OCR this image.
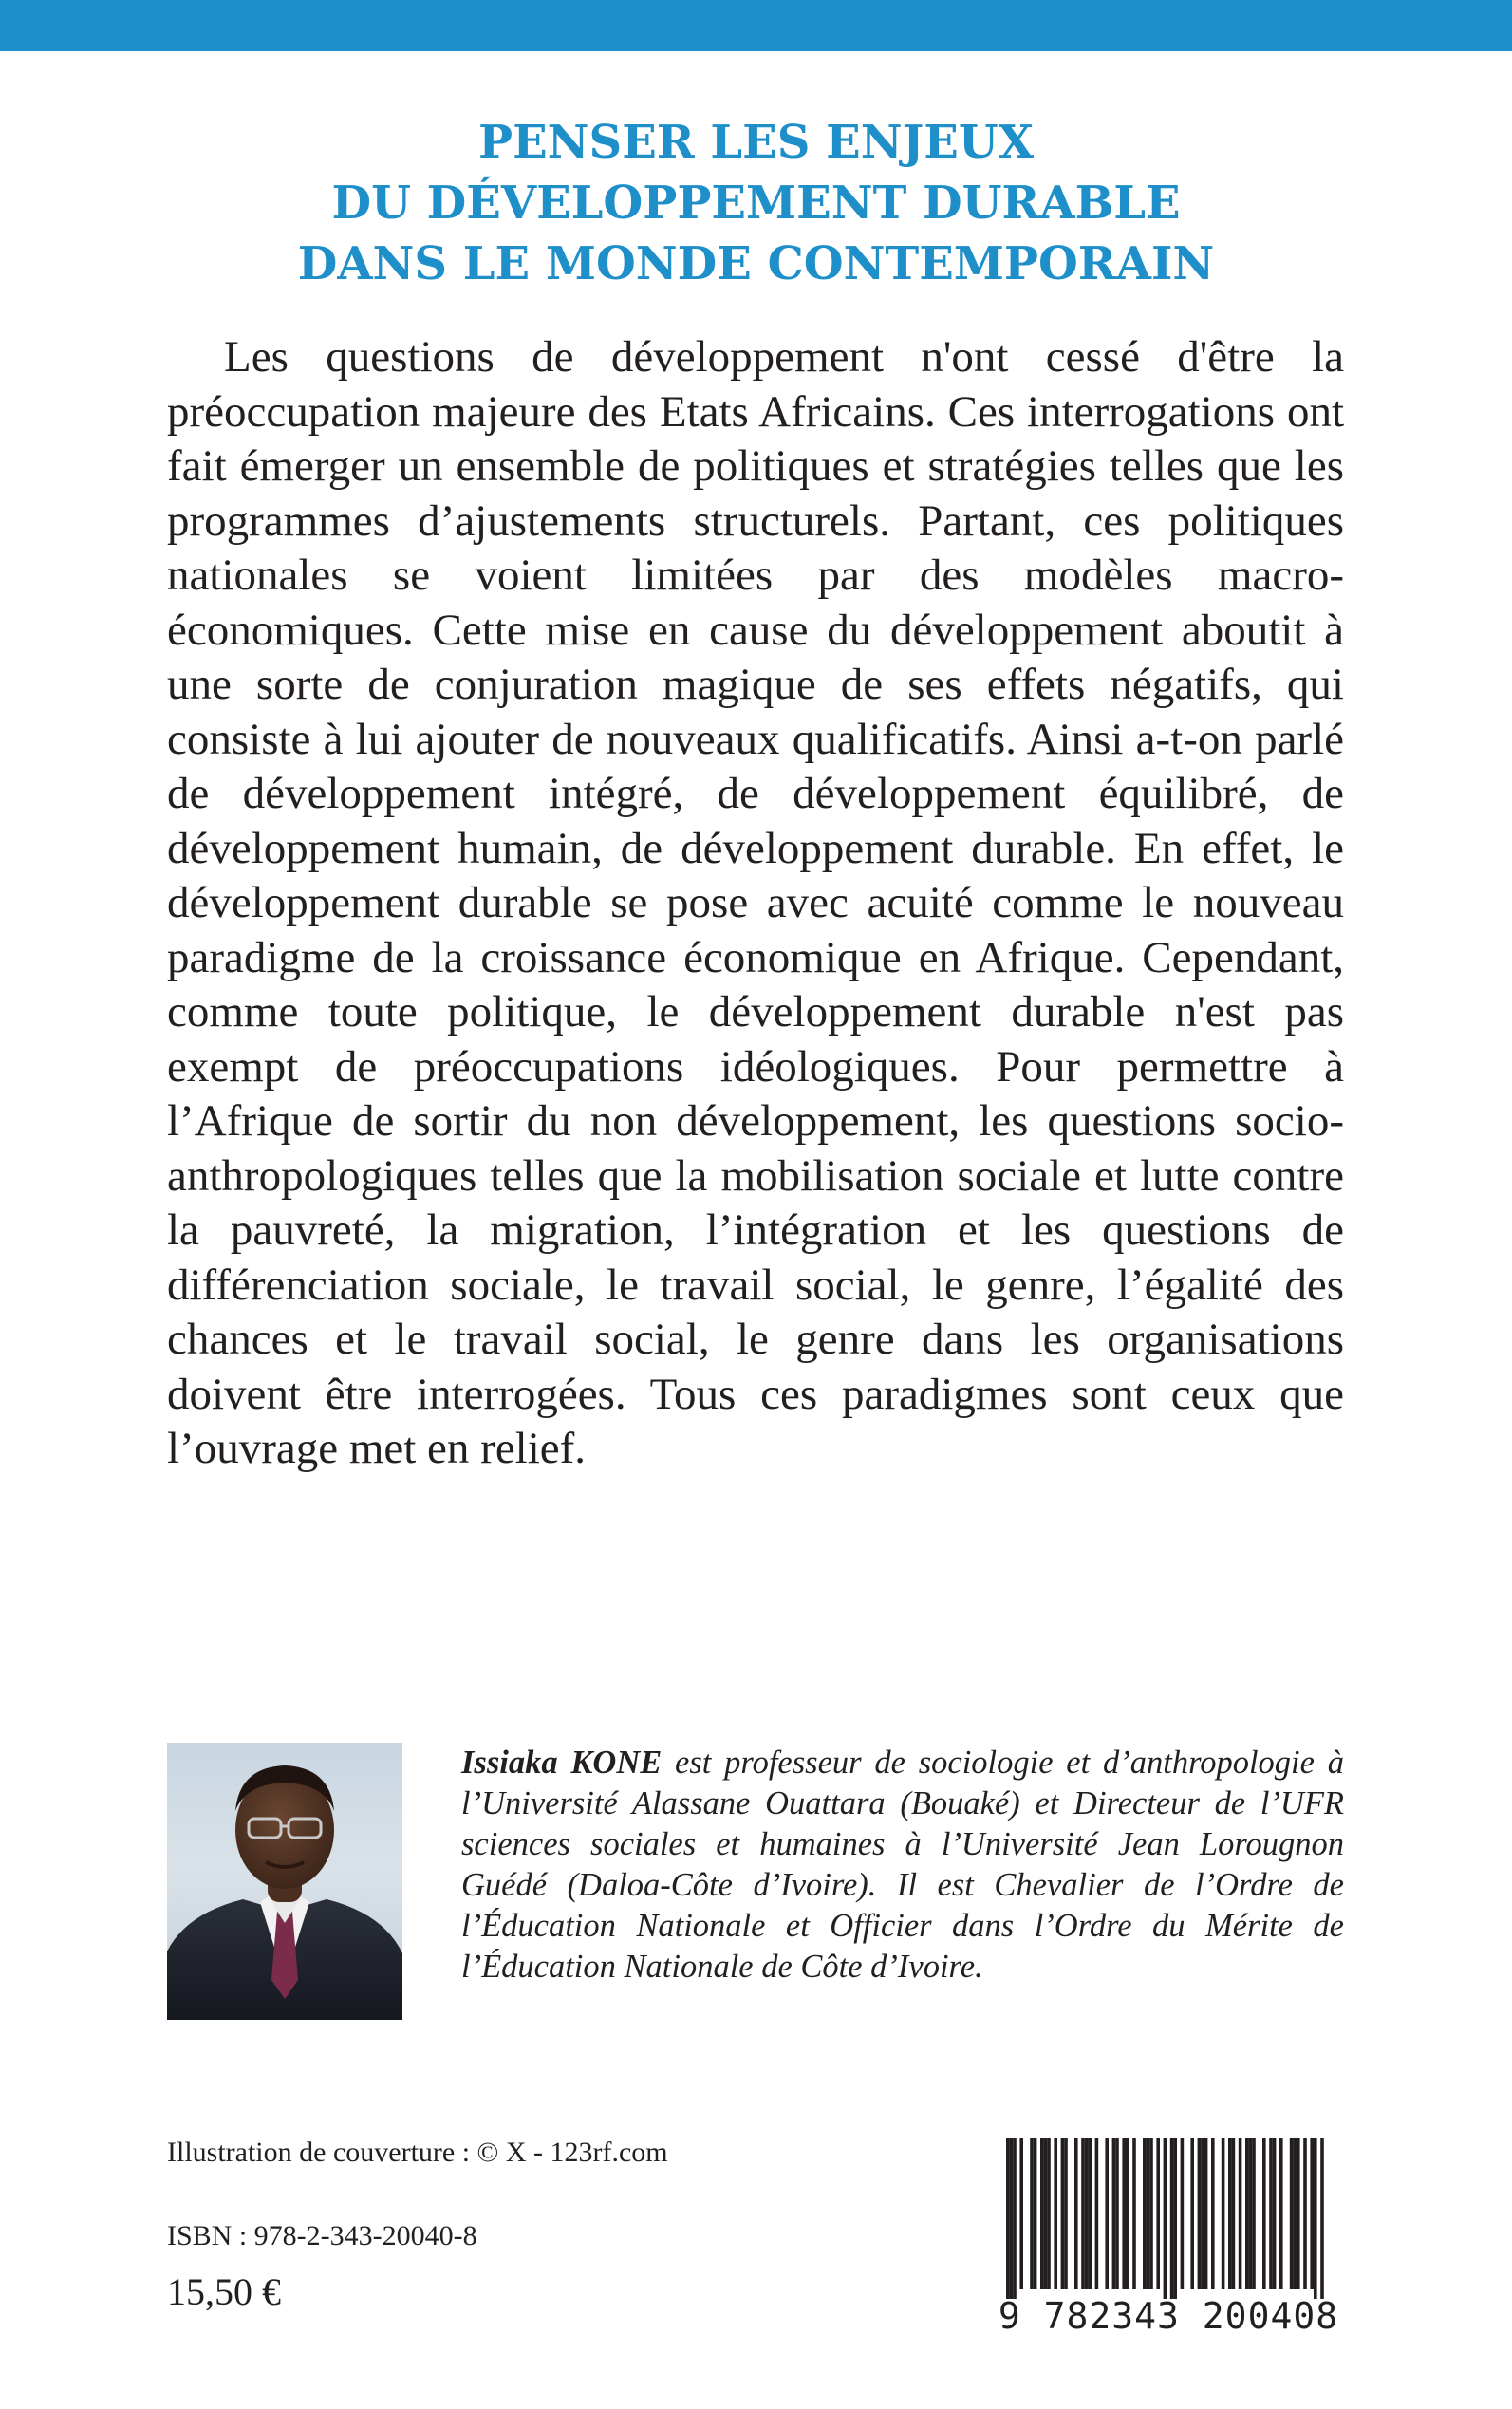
PENSER LES ENJEUX
DU DÉVELOPPEMENT DURABLE
DANS LE MONDE CONTEMPORAIN

Les questions de développement n'ont cessé d'être la préoccupation majeure des Etats Africains. Ces interrogations ont fait émerger un ensemble de politiques et stratégies telles que les programmes d’ajustements structurels. Partant, ces politiques nationales se voient limitées par des modèles macro-économiques. Cette mise en cause du développement aboutit à une sorte de conjuration magique de ses effets négatifs, qui consiste à lui ajouter de nouveaux qualificatifs. Ainsi a-t-on parlé de développement intégré, de développement équilibré, de développement humain, de développement durable. En effet, le développement durable se pose avec acuité comme le nouveau paradigme de la croissance économique en Afrique. Cependant, comme toute politique, le développement durable n'est pas exempt de préoccupations idéologiques. Pour permettre à l’Afrique de sortir du non développement, les questions socio-anthropologiques telles que la mobilisation sociale et lutte contre la pauvreté, la migration, l’intégration et les questions de différenciation sociale, le travail social, le genre, l’égalité des chances et le travail social, le genre dans les organisations doivent être interrogées. Tous ces paradigmes sont ceux que l’ouvrage met en relief.

Issiaka KONE est professeur de sociologie et d’anthropologie à l’Université Alassane Ouattara (Bouaké) et Directeur de l’UFR sciences sociales et humaines à l’Université Jean Lorougnon Guédé (Daloa-Côte d’Ivoire). Il est Chevalier de l’Ordre de l’Éducation Nationale et Officier dans l’Ordre du Mérite de l’Éducation Nationale de Côte d’Ivoire.

Illustration de couverture : © X - 123rf.com
ISBN : 978-2-343-20040-8
15,50 €
9 782343 200408
